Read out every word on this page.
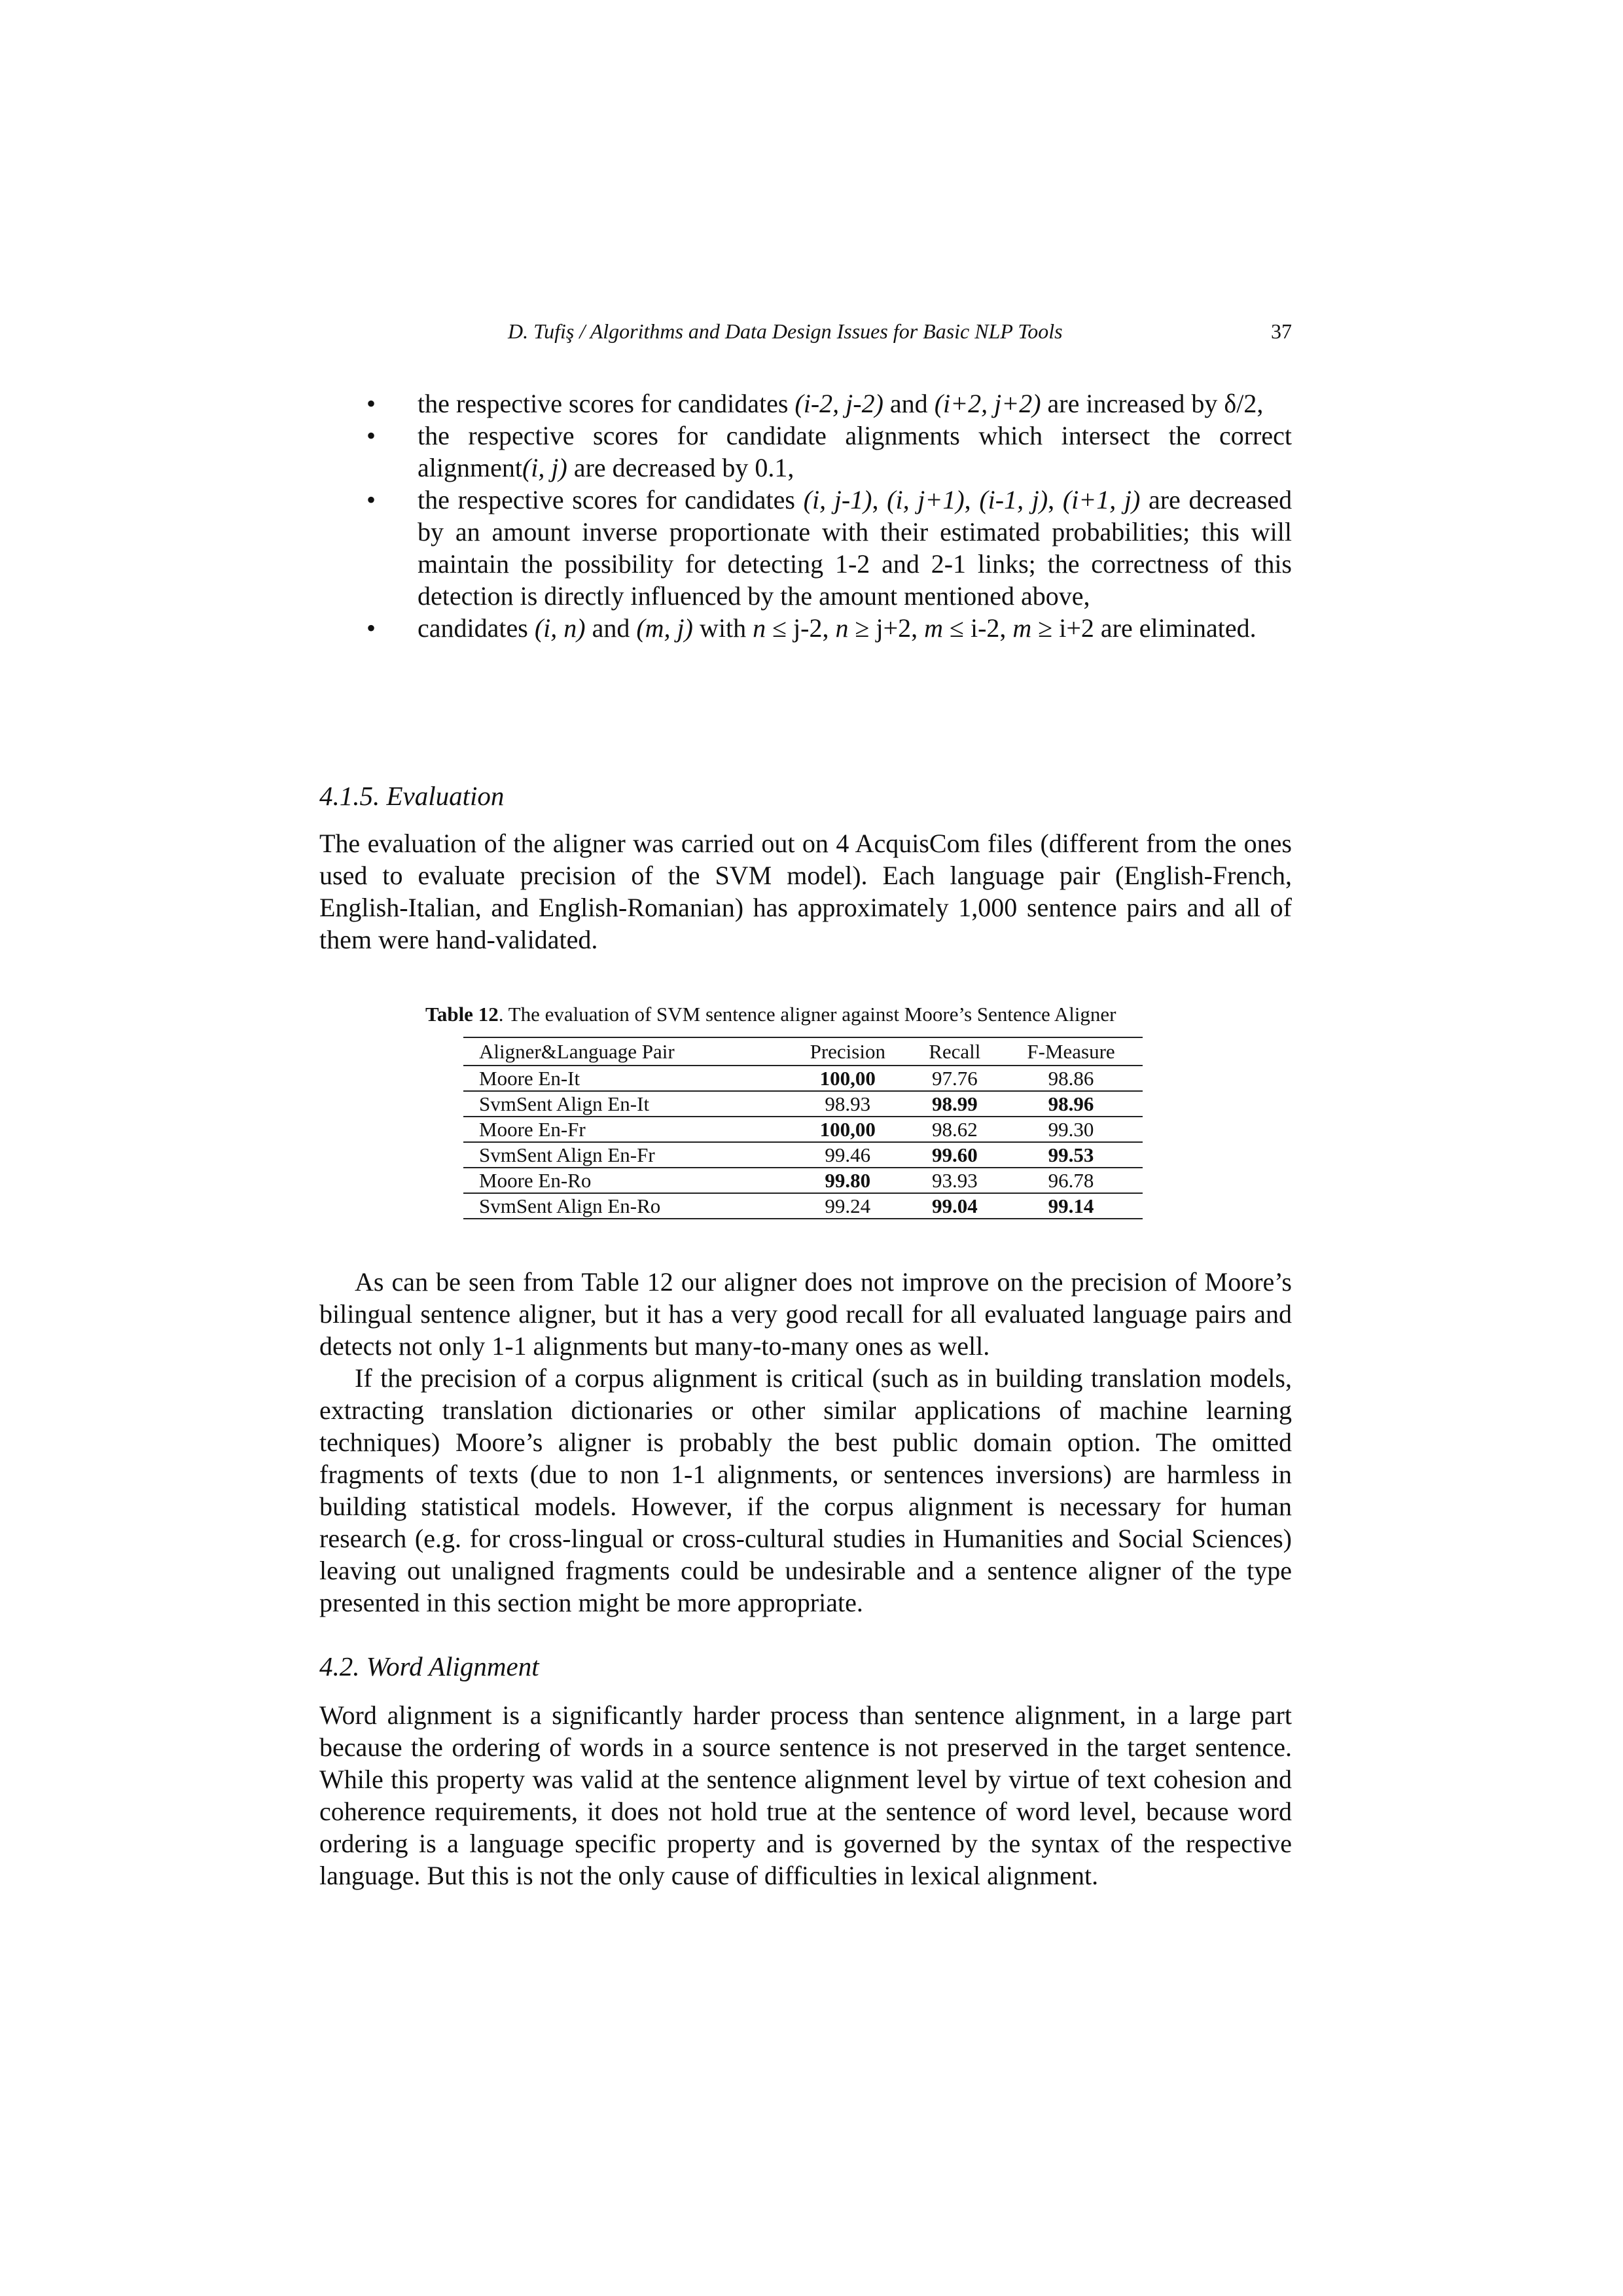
D. Tufiş / Algorithms and Data Design Issues for Basic NLP Tools	37
• the respective scores for candidates (i-2, j-2) and (i+2, j+2) are increased by δ/2,
• the respective scores for candidate alignments which intersect the correct alignment(i, j) are decreased by 0.1,
• the respective scores for candidates (i, j-1), (i, j+1), (i-1, j), (i+1, j) are decreased by an amount inverse proportionate with their estimated probabilities; this will maintain the possibility for detecting 1-2 and 2-1 links; the correctness of this detection is directly influenced by the amount mentioned above,
• candidates (i, n) and (m, j) with n ≤ j-2, n ≥ j+2, m ≤ i-2, m ≥ i+2 are eliminated.
4.1.5. Evaluation
The evaluation of the aligner was carried out on 4 AcquisCom files (different from the ones used to evaluate precision of the SVM model). Each language pair (English-French, English-Italian, and English-Romanian) has approximately 1,000 sentence pairs and all of them were hand-validated.
Table 12. The evaluation of SVM sentence aligner against Moore’s Sentence Aligner
Aligner&Language Pair	Precision	Recall	F-Measure
Moore En-It	100,00	97.76	98.86
SvmSent Align En-It	98.93	98.99	98.96
Moore En-Fr	100,00	98.62	99.30
SvmSent Align En-Fr	99.46	99.60	99.53
Moore En-Ro	99.80	93.93	96.78
SvmSent Align En-Ro	99.24	99.04	99.14

As can be seen from Table 12 our aligner does not improve on the precision of Moore’s bilingual sentence aligner, but it has a very good recall for all evaluated language pairs and detects not only 1-1 alignments but many-to-many ones as well.

If the precision of a corpus alignment is critical (such as in building translation models, extracting translation dictionaries or other similar applications of machine learning techniques) Moore’s aligner is probably the best public domain option. The omitted fragments of texts (due to non 1-1 alignments, or sentences inversions) are harmless in building statistical models. However, if the corpus alignment is necessary for human research (e.g. for cross-lingual or cross-cultural studies in Humanities and Social Sciences) leaving out unaligned fragments could be undesirable and a sentence aligner of the type presented in this section might be more appropriate.

4.2. Word Alignment
Word alignment is a significantly harder process than sentence alignment, in a large part because the ordering of words in a source sentence is not preserved in the target sentence. While this property was valid at the sentence alignment level by virtue of text cohesion and coherence requirements, it does not hold true at the sentence of word level, because word ordering is a language specific property and is governed by the syntax of the respective language. But this is not the only cause of difficulties in lexical alignment.
